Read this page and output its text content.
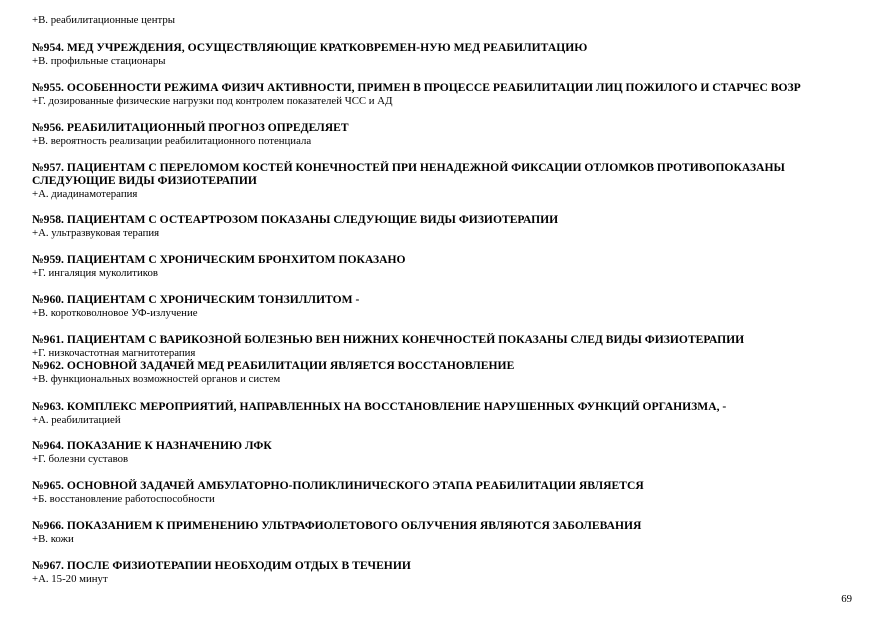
+В. реабилитационные центры
№954. МЕД УЧРЕЖДЕНИЯ, ОСУЩЕСТВЛЯЮЩИЕ КРАТКОВРЕМЕН-НУЮ МЕД РЕАБИЛИТАЦИЮ
+В. профильные стационары
№955. ОСОБЕННОСТИ РЕЖИМА ФИЗИЧ АКТИВНОСТИ, ПРИМЕН В ПРОЦЕССЕ РЕАБИЛИТАЦИИ ЛИЦ ПОЖИЛОГО И СТАРЧЕС ВОЗР
+Г. дозированные физические нагрузки под контролем показателей ЧСС и АД
№956. РЕАБИЛИТАЦИОННЫЙ ПРОГНОЗ ОПРЕДЕЛЯЕТ
+В. вероятность реализации реабилитационного потенциала
№957. ПАЦИЕНТАМ С ПЕРЕЛОМОМ КОСТЕЙ КОНЕЧНОСТЕЙ ПРИ НЕНАДЕЖНОЙ ФИКСАЦИИ ОТЛОМКОВ ПРОТИВОПОКАЗАНЫ
СЛЕДУЮЩИЕ ВИДЫ ФИЗИОТЕРАПИИ
+А. диадинамотерапия
№958. ПАЦИЕНТАМ С ОСТЕАРТРОЗОМ ПОКАЗАНЫ СЛЕДУЮЩИЕ ВИДЫ ФИЗИОТЕРАПИИ
+А. ультразвуковая терапия
№959. ПАЦИЕНТАМ С ХРОНИЧЕСКИМ БРОНХИТОМ ПОКАЗАНО
+Г. ингаляция муколитиков
№960. ПАЦИЕНТАМ С ХРОНИЧЕСКИМ ТОНЗИЛЛИТОМ -
+В. коротковолновое УФ-излучение
№961. ПАЦИЕНТАМ С ВАРИКОЗНОЙ БОЛЕЗНЬЮ ВЕН НИЖНИХ КОНЕЧНОСТЕЙ ПОКАЗАНЫ СЛЕД ВИДЫ ФИЗИОТЕРАПИИ
+Г. низкочастотная магнитотерапия
№962. ОСНОВНОЙ ЗАДАЧЕЙ МЕД РЕАБИЛИТАЦИИ ЯВЛЯЕТСЯ ВОССТАНОВЛЕНИЕ
+В. функциональных возможностей органов и систем
№963. КОМПЛЕКС МЕРОПРИЯТИЙ, НАПРАВЛЕННЫХ НА ВОССТАНОВЛЕНИЕ НАРУШЕННЫХ ФУНКЦИЙ ОРГАНИЗМА, -
+А. реабилитацией
№964. ПОКАЗАНИЕ К НАЗНАЧЕНИЮ ЛФК
+Г. болезни суставов
№965. ОСНОВНОЙ ЗАДАЧЕЙ АМБУЛАТОРНО-ПОЛИКЛИНИЧЕСКОГО ЭТАПА РЕАБИЛИТАЦИИ ЯВЛЯЕТСЯ
+Б. восстановление работоспособности
№966. ПОКАЗАНИЕМ К ПРИМЕНЕНИЮ УЛЬТРАФИОЛЕТОВОГО ОБЛУЧЕНИЯ ЯВЛЯЮТСЯ ЗАБОЛЕВАНИЯ
+В. кожи
№967. ПОСЛЕ ФИЗИОТЕРАПИИ НЕОБХОДИМ ОТДЫХ В ТЕЧЕНИИ
+А. 15-20 минут
69
